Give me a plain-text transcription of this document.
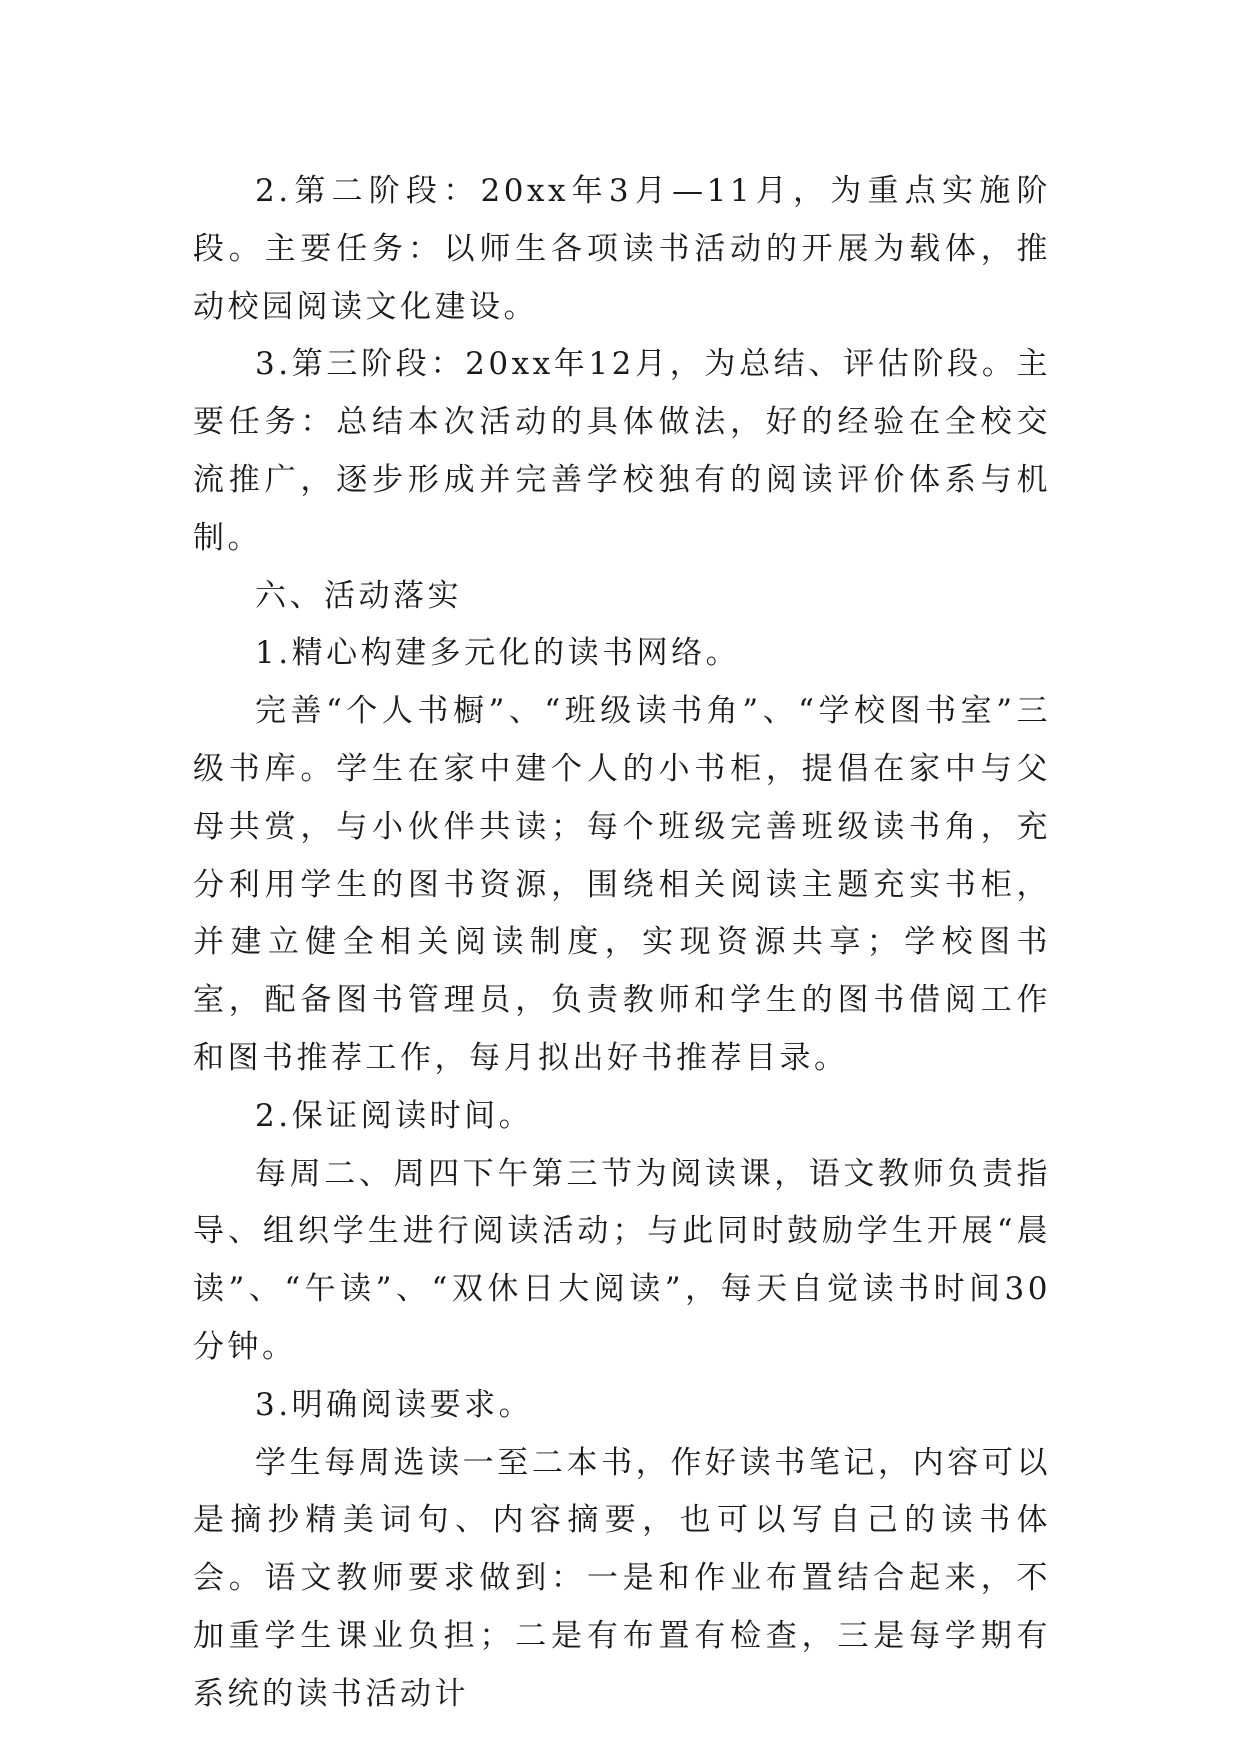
2.第二阶段：20xx年3月—11月，为重点实施阶段。主要任务：以师生各项读书活动的开展为载体，推动校园阅读文化建设。

3.第三阶段：20xx年12月，为总结、评估阶段。主要任务：总结本次活动的具体做法，好的经验在全校交流推广，逐步形成并完善学校独有的阅读评价体系与机制。

六、活动落实

1.精心构建多元化的读书网络。

完善“个人书橱”、“班级读书角”、“学校图书室”三级书库。学生在家中建个人的小书柜，提倡在家中与父母共赏，与小伙伴共读；每个班级完善班级读书角，充分利用学生的图书资源，围绕相关阅读主题充实书柜，并建立健全相关阅读制度，实现资源共享；学校图书室，配备图书管理员，负责教师和学生的图书借阅工作和图书推荐工作，每月拟出好书推荐目录。

2.保证阅读时间。

每周二、周四下午第三节为阅读课，语文教师负责指导、组织学生进行阅读活动；与此同时鼓励学生开展“晨读”、“午读”、“双休日大阅读”，每天自觉读书时间30分钟。

3.明确阅读要求。

学生每周选读一至二本书，作好读书笔记，内容可以是摘抄精美词句、内容摘要，也可以写自己的读书体会。语文教师要求做到：一是和作业布置结合起来，不加重学生课业负担；二是有布置有检查，三是每学期有系统的读书活动计
